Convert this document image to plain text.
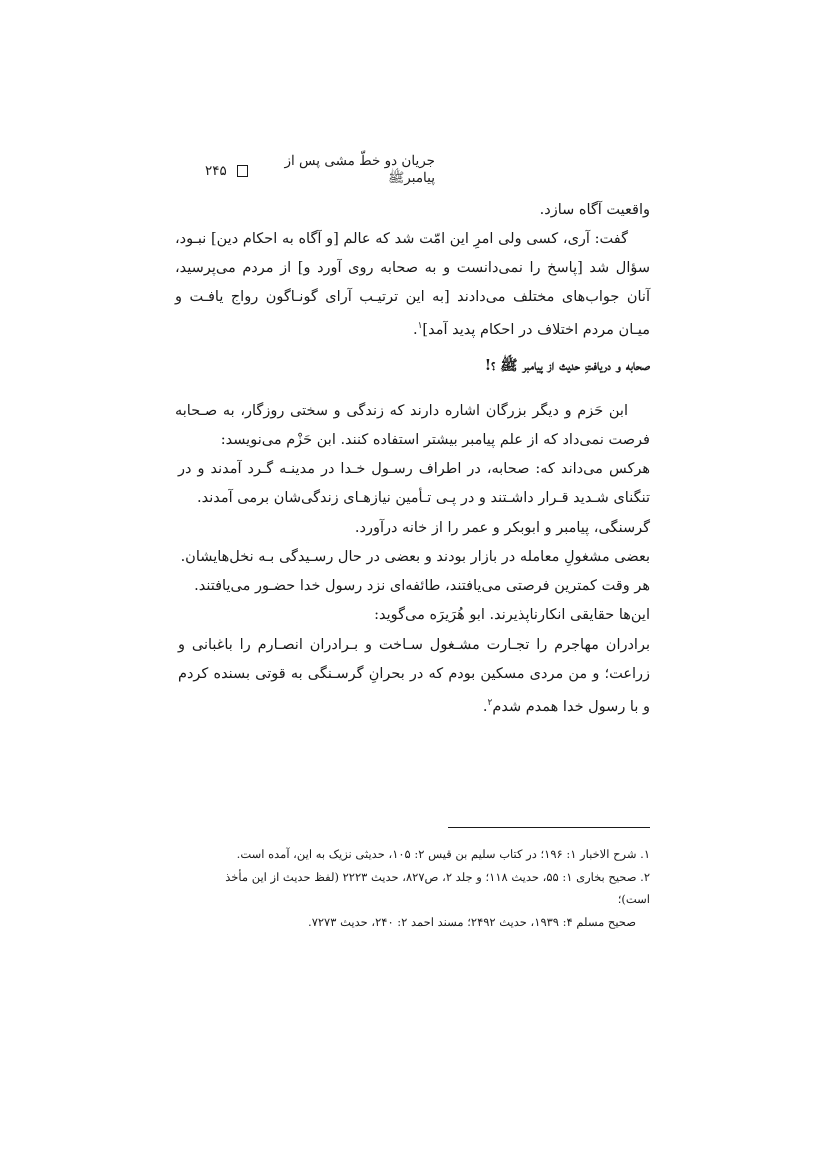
جریان دو خطّ مشی پس از پیامبرﷺ
۲۴۵

واقعیت آگاه سازد.

گفت: آری، کسی ولی امرِ این امّت شد که عالم [و آگاه به احکام دین] نبـود، سؤال شد [پاسخ را نمی‌دانست و به صحابه روی آورد و] از مردم می‌پرسید، آنان جواب‌های مختلف می‌دادند [به این ترتیـب آرای گونـاگون رواج یافـت و میـان مردم اختلاف در احکام پدید آمد]$^۱$.

صحابه و دریافتِ حدیث از پیامبر ﷺ ؟!

ابن حَزم و دیگر بزرگان اشاره دارند که زندگی و سختی روزگار، به صـحابه فرصت نمی‌داد که از علم پیامبر بیشتر استفاده کنند. ابن حَزْم می‌نویسد:

هرکس می‌داند که: صحابه، در اطراف رسـول خـدا در مدینـه گـرد آمدند و در تنگنای شـدید قـرار داشـتند و در پـی تـأمین نیازهـای زندگی‌شان برمی آمدند.

گرسنگی، پیامبر و ابوبکر و عمر را از خانه درآورد.

بعضی مشغولِ معامله در بازار بودند و بعضی در حال رسـیدگی بـه نخل‌هایشان.

هر وقت کمترین فرصتی می‌یافتند، طائفه‌ای نزد رسول خدا حضـور می‌یافتند.

این‌ها حقایقی انکارناپذیرند. ابو هُرَیرَه می‌گوید:

برادران مهاجرم را تجـارت مشـغول سـاخت و بـرادران انصـارم را باغبانی و زراعت؛ و من مردی مسکین بودم که در بحرانِ گرسـنگی به قوتی بسنده کردم و با رسول خدا همدم شدم$^۲$.

۱. شرح الاخبار ۱: ۱۹۶؛ در کتاب سلیم بن قیس ۲: ۱۰۵، حدیثی نزیک به این، آمده است.

۲. صحیح بخاری ۱: ۵۵، حدیث ۱۱۸؛ و جلد ۲، ص۸۲۷، حدیث ۲۲۲۳ (لفظ حدیث از این مأخذ است)؛

صحیح مسلم ۴: ۱۹۳۹، حدیث ۲۴۹۲؛ مسند احمد ۲: ۲۴۰، حدیث ۷۲۷۳.
